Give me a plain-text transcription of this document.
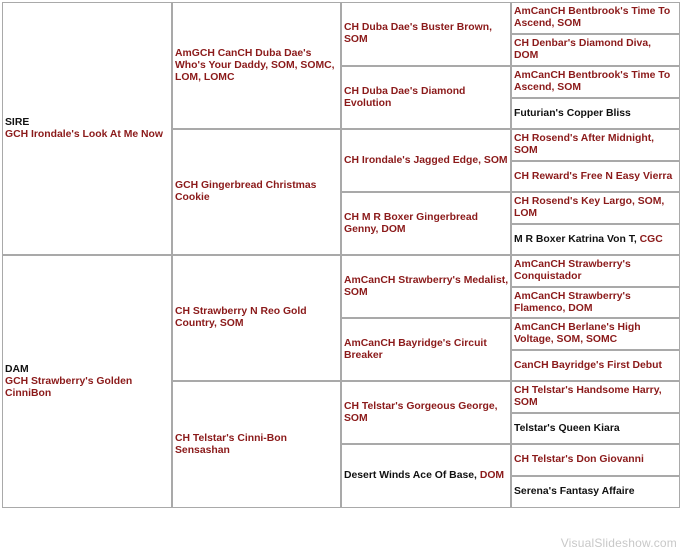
SIRE
GCH Irondale's Look At Me Now
DAM
GCH Strawberry's Golden CinniBon
AmGCH CanCH Duba Dae's Who's Your Daddy, SOM, SOMC, LOM, LOMC
GCH Gingerbread Christmas Cookie
CH Strawberry N Reo Gold Country, SOM
CH Telstar's Cinni-Bon Sensashan
CH Duba Dae's Buster Brown, SOM
CH Duba Dae's Diamond Evolution
CH Irondale's Jagged Edge, SOM
CH M R Boxer Gingerbread Genny, DOM
AmCanCH Strawberry's Medalist, SOM
AmCanCH Bayridge's Circuit Breaker
CH Telstar's Gorgeous George, SOM
Desert Winds Ace Of Base, DOM
AmCanCH Bentbrook's Time To Ascend, SOM
CH Denbar's Diamond Diva, DOM
AmCanCH Bentbrook's Time To Ascend, SOM
Futurian's Copper Bliss
CH Rosend's After Midnight, SOM
CH Reward's Free N Easy Vierra
CH Rosend's Key Largo, SOM, LOM
M R Boxer Katrina Von T, CGC
AmCanCH Strawberry's Conquistador
AmCanCH Strawberry's Flamenco, DOM
AmCanCH Berlane's High Voltage, SOM, SOMC
CanCH Bayridge's First Debut
CH Telstar's Handsome Harry, SOM
Telstar's Queen Kiara
CH Telstar's Don Giovanni
Serena's Fantasy Affaire
VisualSlideshow.com
